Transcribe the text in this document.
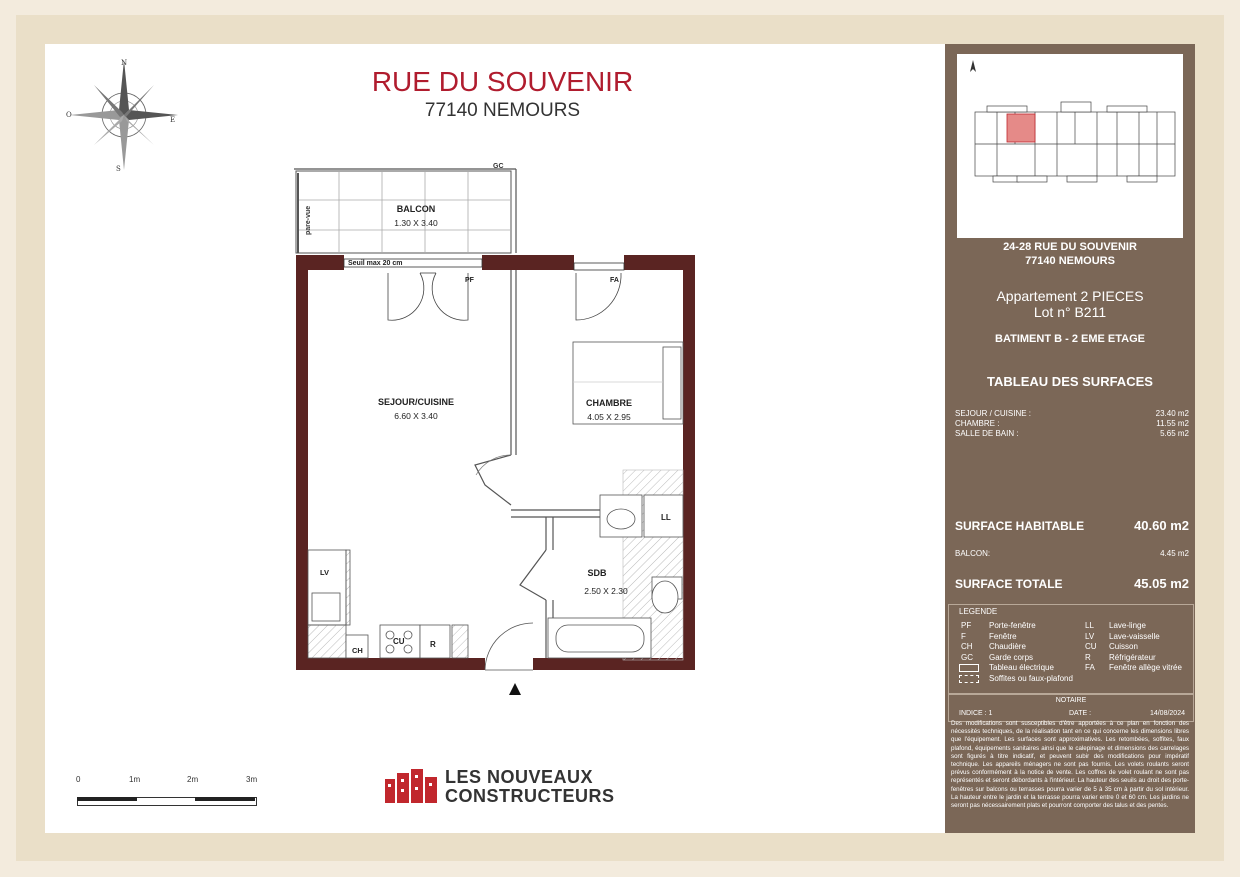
RUE DU SOUVENIR
77140 NEMOURS
N
S
E
O
GC
pare-vue	BALCON
1.30 X 3.40
Seuil max 20 cm
PF	FA
LL
SEJOUR/CUISINE
6.60 X 3.40
CHAMBRE
4.05 X 2.95
SDB
2.50 X 2.30
LV
CU	R
CH
0	1m	2m	3m	LES NOUVEAUX
CONSTRUCTEURS
24-28 RUE DU SOUVENIR
77140 NEMOURS
Appartement 2 PIECES
Lot n° B211
BATIMENT B - 2 EME ETAGE
TABLEAU DES SURFACES
SEJOUR / CUISINE :	23.40 m2
CHAMBRE :	11.55 m2
SALLE DE BAIN :	5.65 m2
SURFACE HABITABLE	40.60 m2
BALCON:	4.45 m2
SURFACE TOTALE	45.05 m2
LEGENDE
PF Porte-fenêtre
F	Fenêtre
CH Chaudière
GC Garde corps
Tableau électrique
Soffites ou faux-plafond
LL Lave-linge
LV Lave-vaisselle
CU Cuisson
R Réfrigérateur
FA Fenêtre allège vitrée
NOTAIRE
INDICE : 1	DATE :	14/08/2024
Des modifications sont susceptibles d'être apportées à ce plan en fonction des nécessités techniques, de la réalisation tant en ce qui concerne les dimensions libres que l'équipement. Les surfaces sont approximatives. Les retombées, soffites, faux plafond, équipements sanitaires ainsi que le calepinage et dimensions des carrelages sont figurés à titre indicatif, et peuvent subir des modifications pour impératif technique. Les appareils ménagers ne sont pas fournis. Les volets roulants seront prévus conformément à la notice de vente. Les coffres de volet roulant ne sont pas représentés et seront débordants à l'intérieur. La hauteur des seuils au droit des porte-fenêtres sur balcons ou terrasses pourra varier de 5 à 35 cm à partir du sol intérieur. La hauteur entre le jardin et la terrasse pourra varier entre 0 et 60 cm. Les jardins ne seront pas nécessairement plats et pourront comporter des talus et des pentes.
